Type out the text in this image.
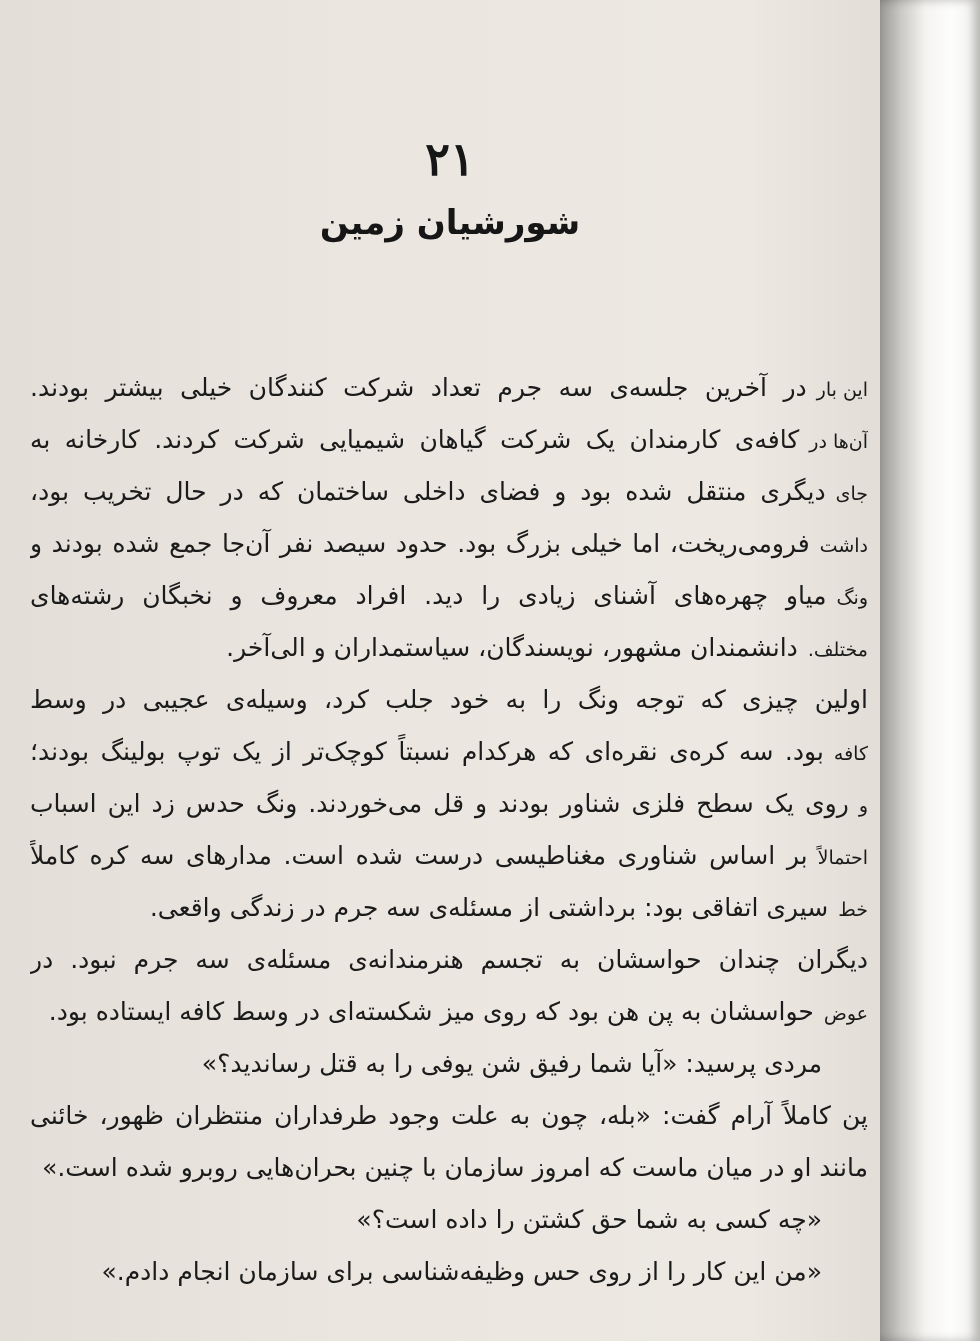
۲۱
شورشیان زمین
این بار
در آخرین جلسه‌ی سه جرم تعداد شرکت کنندگان خیلی بیشتر بودند.
آن‌ها در
کافه‌ی کارمندان یک شرکت گیاهان شیمیایی شرکت کردند. کارخانه به
جای
دیگری منتقل شده بود و فضای داخلی ساختمان که در حال تخریب بود،
داشت
فرومی‌ریخت، اما خیلی بزرگ بود. حدود سیصد نفر آن‌جا جمع شده بودند و
ونگ
میاو چهره‌های آشنای زیادی را دید. افراد معروف و نخبگان رشته‌های
مختلف.
دانشمندان مشهور، نویسندگان، سیاستمداران و الی‌آخر.
اولین چیزی که توجه ونگ را به خود جلب کرد، وسیله‌ی عجیبی در وسط
کافه
بود. سه کره‌ی نقره‌ای که هرکدام نسبتاً کوچک‌تر از یک توپ بولینگ بودند؛
و
روی یک سطح فلزی شناور بودند و قل می‌خوردند. ونگ حدس زد این اسباب
احتمالاً
بر اساس شناوری مغناطیسی درست شده است. مدارهای سه کره کاملاً
خط
سیری اتفاقی بود: برداشتی از مسئله‌ی سه جرم در زندگی واقعی.
دیگران چندان حواسشان به تجسم هنرمندانه‌ی مسئله‌ی سه جرم نبود. در
عوض
حواسشان به پن هن بود که روی میز شکسته‌ای در وسط کافه ایستاده بود.
مردی پرسید: «آیا شما رفیق شن یوفی را به قتل رساندید؟»
پن کاملاً آرام گفت: «بله، چون به علت وجود طرفداران منتظران ظهور، خائنی
مانند او در میان ماست که امروز سازمان با چنین بحران‌هایی روبرو شده است.»
«چه کسی به شما حق کشتن را داده است؟»
«من این کار را از روی حس وظیفه‌شناسی برای سازمان انجام دادم.»
